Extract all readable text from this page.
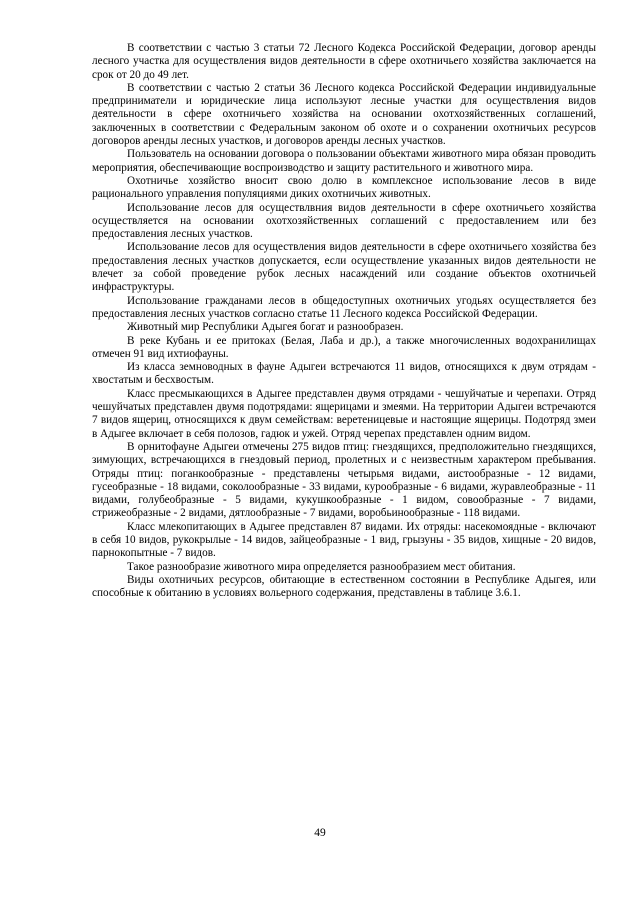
В соответствии с частью 3 статьи 72 Лесного Кодекса Российской Федерации, договор аренды лесного участка для осуществления видов деятельности в сфере охотничьего хозяйства заключается на срок от 20 до 49 лет.

В соответствии с частью 2 статьи 36 Лесного кодекса Российской Федерации индивидуальные предприниматели и юридические лица используют лесные участки для осуществления видов деятельности в сфере охотничьего хозяйства на основании охотхозяйственных соглашений, заключенных в соответствии с Федеральным законом об охоте и о сохранении охотничьих ресурсов договоров аренды лесных участков, и договоров аренды лесных участков.

Пользователь на основании договора о пользовании объектами животного мира обязан проводить мероприятия, обеспечивающие воспроизводство и защиту растительного и животного мира.

Охотничье хозяйство вносит свою долю в комплексное использование лесов в виде рационального управления популяциями диких охотничьих животных.

Использование лесов для осуществлвния видов деятельности в сфере охотничьего хозяйства осуществляется на основании охотхозяйственных соглашений с предоставлением или без предоставления лесных участков.

Использование лесов для осуществления видов деятельности в сфере охотничьего хозяйства без предоставления лесных участков допускается, если осуществление указанных видов деятельности не влечет за собой проведение рубок лесных насаждений или создание объектов охотничьей инфраструктуры.

Использование гражданами лесов в общедоступных охотничьих угодьях осуществляется без предоставления лесных участков согласно статье 11 Лесного кодекса Российской Федерации.

Животный мир Республики Адыгея богат и разнообразен.

В реке Кубань и ее притоках (Белая, Лаба и др.), а также многочисленных водохранилищах отмечен 91 вид ихтиофауны.

Из класса земноводных в фауне Адыгеи встречаются 11 видов, относящихся к двум отрядам - хвостатым и бесхвостым.

Класс пресмыкающихся в Адыгее представлен двумя отрядами - чешуйчатые и черепахи. Отряд чешуйчатых представлен двумя подотрядами: ящерицами и змеями. На территории Адыгеи встречаются 7 видов ящериц, относящихся к двум семействам: веретеницевые и настоящие ящерицы. Подотряд змеи в Адыгее включает в себя полозов, гадюк и ужей. Отряд черепах представлен одним видом.

В орнитофауне Адыгеи отмечены 275 видов птиц: гнездящихся, предположительно гнездящихся, зимующих, встречающихся в гнездовый период, пролетных и с неизвестным характером пребывания. Отряды птиц: поганкообразные - представлены четырьмя видами, аистообразные - 12 видами, гусеобразные - 18 видами, соколообразные - 33 видами, курообразные - 6 видами, журавлеобразные - 11 видами, голубеобразные - 5 видами, кукушкообразные - 1 видом, совообразные - 7 видами, стрижеобразные - 2 видами, дятлообразные - 7 видами, воробьинообразные - 118 видами.

Класс млекопитающих в Адыгее представлен 87 видами. Их отряды: насекомоядные - включают в себя 10 видов, рукокрылые - 14 видов, зайцеобразные - 1 вид, грызуны - 35 видов, хищные - 20 видов, парнокопытные - 7 видов.

Такое разнообразие животного мира определяется разнообразием мест обитания.

Виды охотничьих ресурсов, обитающие в естественном состоянии в Республике Адыгея, или способные к обитанию в условиях вольерного содержания, представлены в таблице 3.6.1.

49
